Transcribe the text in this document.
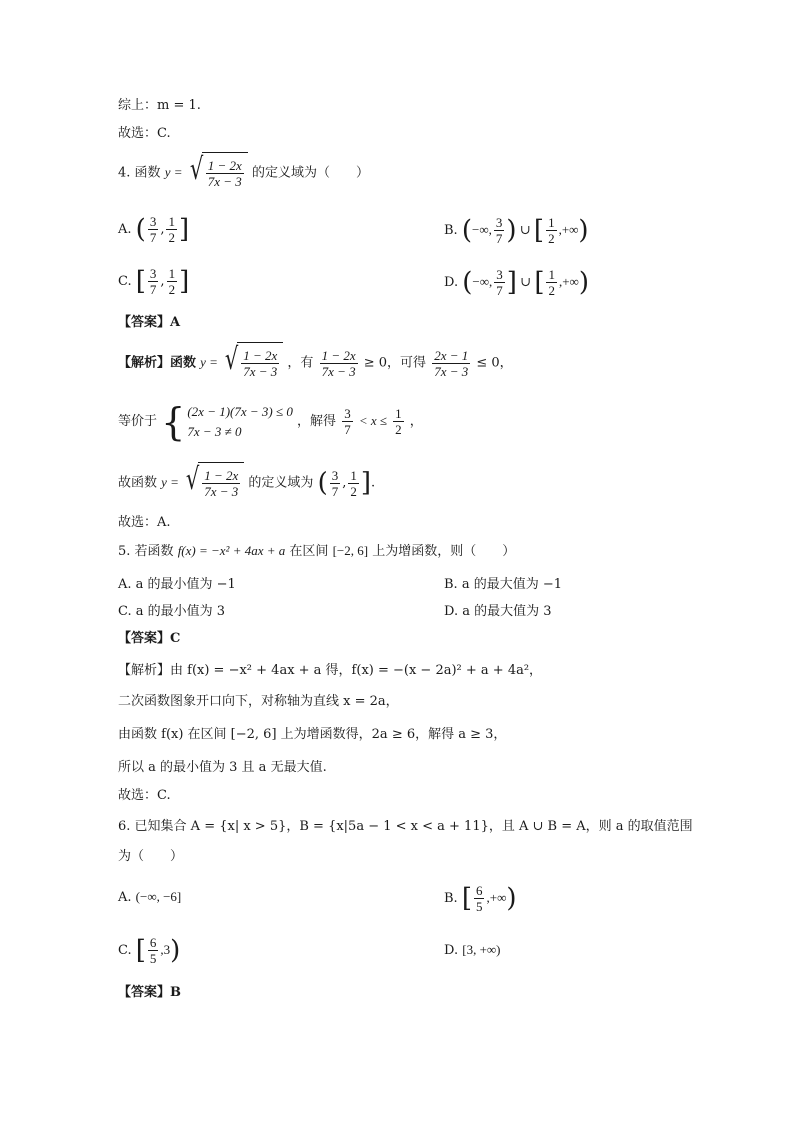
综上：m = 1.
故选：C.
4. 函数 y = √ $\frac{1 - 2x}{7x - 3}$ 的定义域为（　　）
A. ( $\frac{3}{7}$ , $\frac{1}{2}$ ]	B. (−∞, $\frac{3}{7}$ ) ∪ [ $\frac{1}{2}$ ,+∞)
C. [ $\frac{3}{7}$ , $\frac{1}{2}$ ]	D. (−∞, $\frac{3}{7}$ ] ∪ [ $\frac{1}{2}$ ,+∞)
【答案】A
【解析】函数 y = √ $\frac{1 - 2x}{7x - 3}$ ，有 $\frac{1 - 2x}{7x - 3} \ge 0$，可得 $\frac{2x - 1}{7x - 3} \le 0$，
等价于 { (2x − 1)(7x − 3) ≤ 0
7x − 3 ≠ 0
，解得 $\frac{3}{7} < x \le \frac{1}{2}$ ，
故函数 y = √ $\frac{1 - 2x}{7x - 3}$ 的定义域为 ( $\frac{3}{7}$ , $\frac{1}{2}$ ].
故选：A.
5. 若函数 f(x) = −x² + 4ax + a 在区间 [−2, 6] 上为增函数，则（　　）
A. a 的最小值为 −1	B. a 的最大值为 −1
C. a 的最小值为 3	D. a 的最大值为 3
【答案】C
【解析】由 f(x) = −x² + 4ax + a 得，f(x) = −(x − 2a)² + a + 4a²，
二次函数图象开口向下，对称轴为直线 x = 2a，
由函数 f(x) 在区间 [−2, 6] 上为增函数得，2a ≥ 6，解得 a ≥ 3，
所以 a 的最小值为 3 且 a 无最大值.
故选：C.
6. 已知集合 A = {x| x > 5}，B = {x|5a − 1 < x < a + 11}，且 A ∪ B = A，则 a 的取值范围
为（　　）
A. (−∞, −6]	B. [ $\frac{6}{5}$ ,+∞)
C. [ $\frac{6}{5} ,3$)	D. [3, +∞)
【答案】B
